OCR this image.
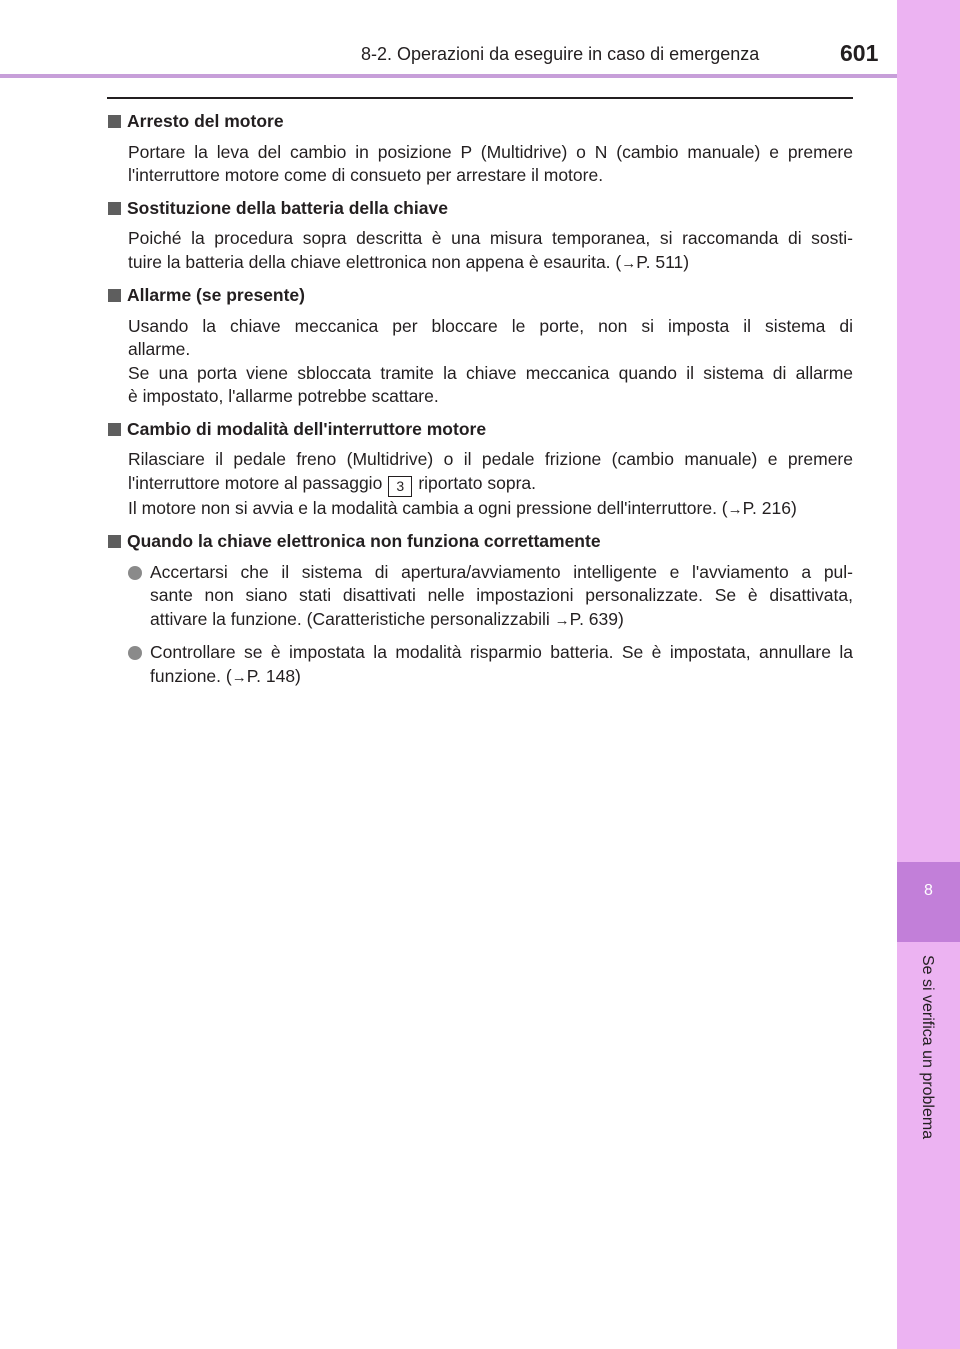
8-2. Operazioni da eseguire in caso di emergenza	601
8
Se si verifica un problema
Arresto del motore
Portare la leva del cambio in posizione P (Multidrive) o N (cambio manuale) e premere
l'interruttore motore come di consueto per arrestare il motore.
Sostituzione della batteria della chiave
Poiché la procedura sopra descritta è una misura temporanea, si raccomanda di sosti-
tuire la batteria della chiave elettronica non appena è esaurita. (→P. 511)
Allarme (se presente)
Usando la chiave meccanica per bloccare le porte, non si imposta il sistema di
allarme.
Se una porta viene sbloccata tramite la chiave meccanica quando il sistema di allarme
è impostato, l'allarme potrebbe scattare.
Cambio di modalità dell'interruttore motore
Rilasciare il pedale freno (Multidrive) o il pedale frizione (cambio manuale) e premere
l'interruttore motore al passaggio 3 riportato sopra.
Il motore non si avvia e la modalità cambia a ogni pressione dell'interruttore. (→P. 216)
Quando la chiave elettronica non funziona correttamente
Accertarsi che il sistema di apertura/avviamento intelligente e l'avviamento a pul-
sante non siano stati disattivati nelle impostazioni personalizzate. Se è disattivata,
attivare la funzione. (Caratteristiche personalizzabili →P. 639)
Controllare se è impostata la modalità risparmio batteria. Se è impostata, annullare la
funzione. (→P. 148)
